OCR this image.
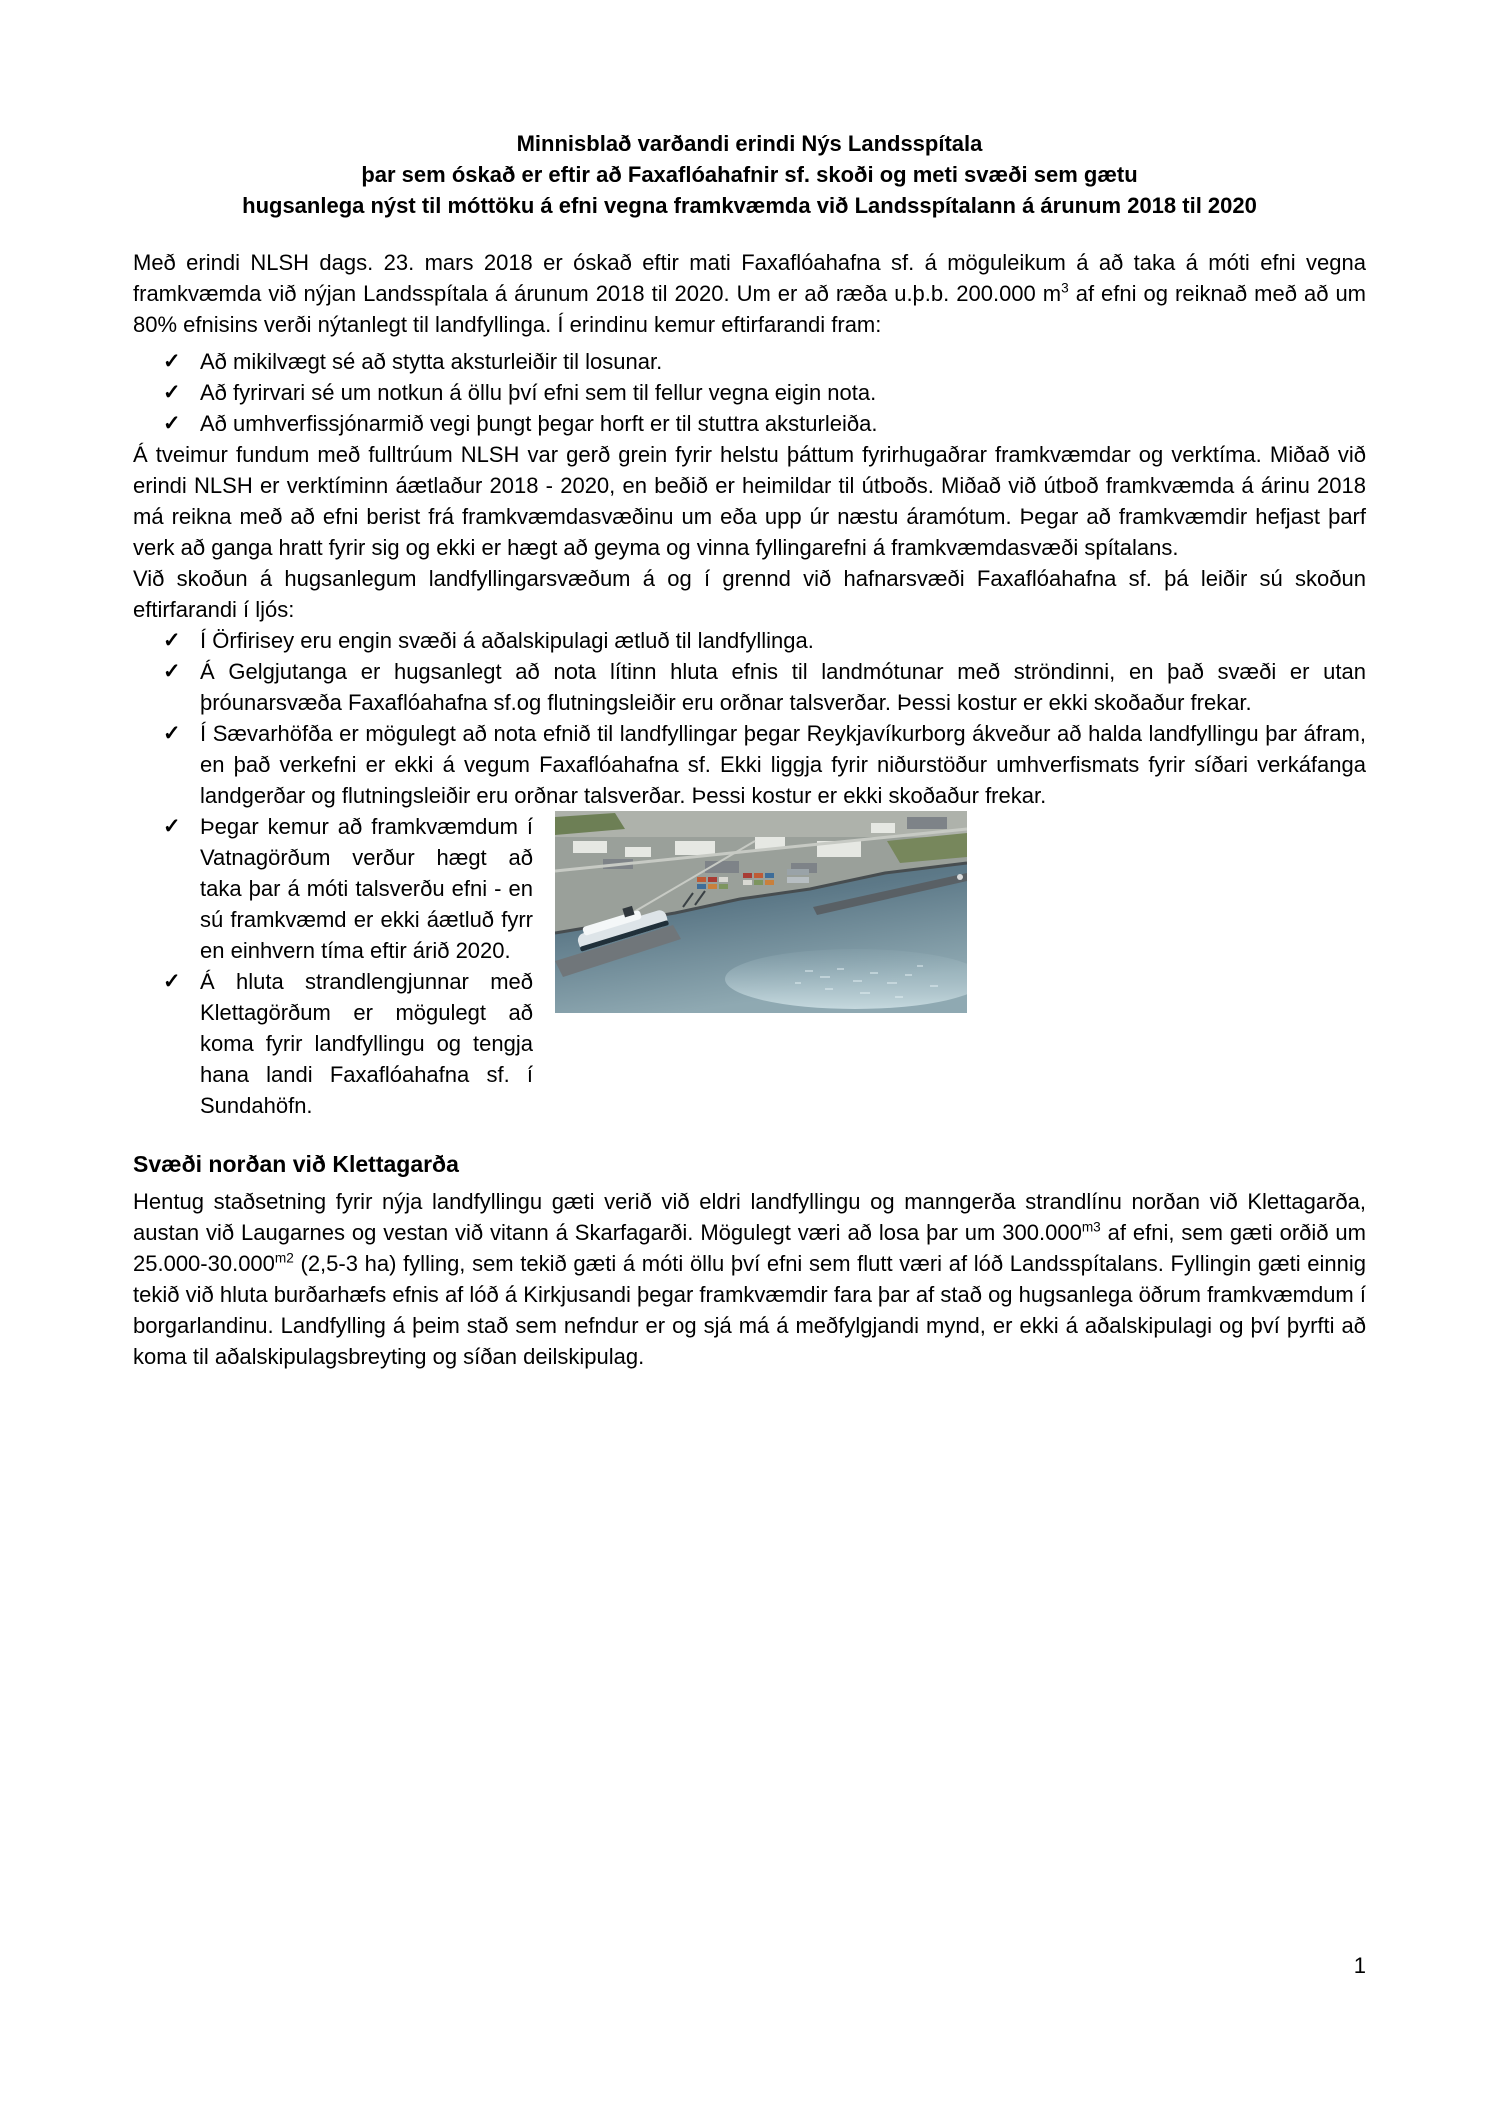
Minnisblað varðandi erindi Nýs Landsspítala
þar sem óskað er eftir að Faxaflóahafnir sf. skoði og meti svæði sem gætu
hugsanlega nýst til móttöku á efni vegna framkvæmda við Landsspítalann á árunum 2018 til 2020

Með erindi NLSH dags. 23. mars 2018 er óskað eftir mati Faxaflóahafna sf. á möguleikum á að taka á móti efni vegna framkvæmda við nýjan Landsspítala á árunum 2018 til 2020. Um er að ræða u.þ.b. 200.000 $m^3$ af efni og reiknað með að um 80% efnisins verði nýtanlegt til landfyllinga. Í erindinu kemur eftirfarandi fram:

✓ Að mikilvægt sé að stytta aksturleiðir til losunar.
✓ Að fyrirvari sé um notkun á öllu því efni sem til fellur vegna eigin nota.
✓ Að umhverfissjónarmið vegi þungt þegar horft er til stuttra aksturleiða.

Á tveimur fundum með fulltrúum NLSH var gerð grein fyrir helstu þáttum fyrirhugaðrar framkvæmdar og verktíma. Miðað við erindi NLSH er verktíminn áætlaður 2018 - 2020, en beðið er heimildar til útboðs. Miðað við útboð framkvæmda á árinu 2018 má reikna með að efni berist frá framkvæmdasvæðinu um eða upp úr næstu áramótum. Þegar að framkvæmdir hefjast þarf verk að ganga hratt fyrir sig og ekki er hægt að geyma og vinna fyllingarefni á framkvæmdasvæði spítalans.

Við skoðun á hugsanlegum landfyllingarsvæðum á og í grennd við hafnarsvæði Faxaflóahafna sf. þá leiðir sú skoðun eftirfarandi í ljós:

✓ Í Örfirisey eru engin svæði á aðalskipulagi ætluð til landfyllinga.
✓ Á Gelgjutanga er hugsanlegt að nota lítinn hluta efnis til landmótunar með ströndinni, en það svæði er utan þróunarsvæða Faxaflóahafna sf.og flutningsleiðir eru orðnar talsverðar. Þessi kostur er ekki skoðaður frekar.
✓ Í Sævarhöfða er mögulegt að nota efnið til landfyllingar þegar Reykjavíkurborg ákveður að halda landfyllingu þar áfram, en það verkefni er ekki á vegum Faxaflóahafna sf. Ekki liggja fyrir niðurstöður umhverfismats fyrir síðari verkáfanga landgerðar og flutningsleiðir eru orðnar talsverðar. Þessi kostur er ekki skoðaður frekar.
✓ Þegar kemur að framkvæmdum í Vatnagörðum verður hægt að taka þar á móti talsverðu efni - en sú framkvæmd er ekki áætluð fyrr en einhvern tíma eftir árið 2020.
✓ Á hluta strandlengjunnar með Klettagörðum er mögulegt að koma fyrir landfyllingu og tengja hana landi Faxaflóahafna sf. í Sundahöfn.
Svæði norðan við Klettagarða

Hentug staðsetning fyrir nýja landfyllingu gæti verið við eldri landfyllingu og manngerða strandlínu norðan við Klettagarða, austan við Laugarnes og vestan við vitann á Skarfagarði. Mögulegt væri að losa þar um $300.000^{m3}$ af efni, sem gæti orðið um $25.000-30.000^{m2}$ (2,5-3 ha) fylling, sem tekið gæti á móti öllu því efni sem flutt væri af lóð Landsspítalans. Fyllingin gæti einnig tekið við hluta burðarhæfs efnis af lóð á Kirkjusandi þegar framkvæmdir fara þar af stað og hugsanlega öðrum framkvæmdum í borgarlandinu. Landfylling á þeim stað sem nefndur er og sjá má á meðfylgjandi mynd, er ekki á aðalskipulagi og því þyrfti að koma til aðalskipulagsbreyting og síðan deilskipulag.

1
